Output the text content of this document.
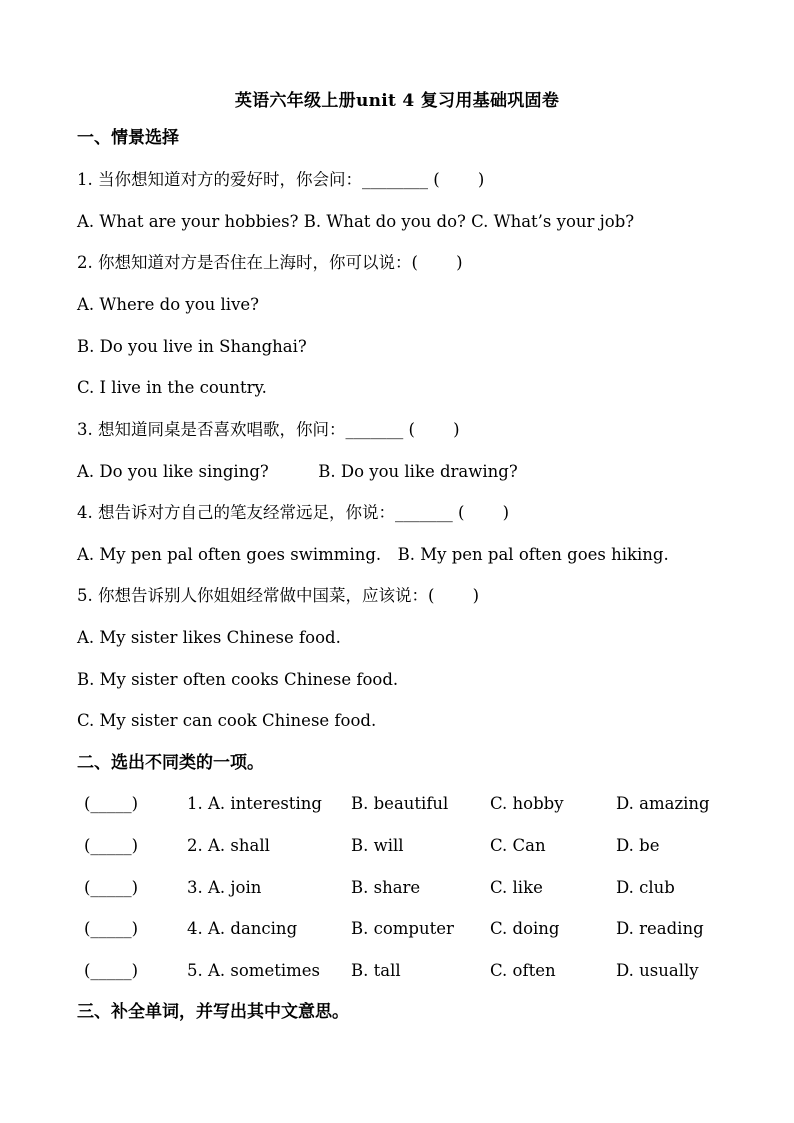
英语六年级上册unit 4 复习用基础巩固卷
一、情景选择
1. 当你想知道对方的爱好时，你会问：________ (　　 )
A. What are your hobbies? B. What do you do? C. What’s your job?
2. 你想知道对方是否住在上海时，你可以说：(　　 )
A. Where do you live?
B. Do you live in Shanghai?
C. I live in the country.
3. 想知道同桌是否喜欢唱歌，你问：_______ (　　 )
A. Do you like singing?　　　B. Do you like drawing?
4. 想告诉对方自己的笔友经常远足，你说：_______ (　　 )
A. My pen pal often goes swimming.　B. My pen pal often goes hiking.
5. 你想告诉别人你姐姐经常做中国菜，应该说：(　　 )
A. My sister likes Chinese food.
B. My sister often cooks Chinese food.
C. My sister can cook Chinese food.
二、选出不同类的一项。
(_____)	1. A. interesting B. beautiful	C. hobby	D. amazing
(_____)	2. A. shall	B. will	C. Can	D. be
(_____)	3. A. join	B. share	C. like	D. club
(_____)	4. A. dancing	B. computer C. doing	D. reading
(_____)	5. A. sometimes B. tall	C. often	D. usually
三、补全单词，并写出其中文意思。
